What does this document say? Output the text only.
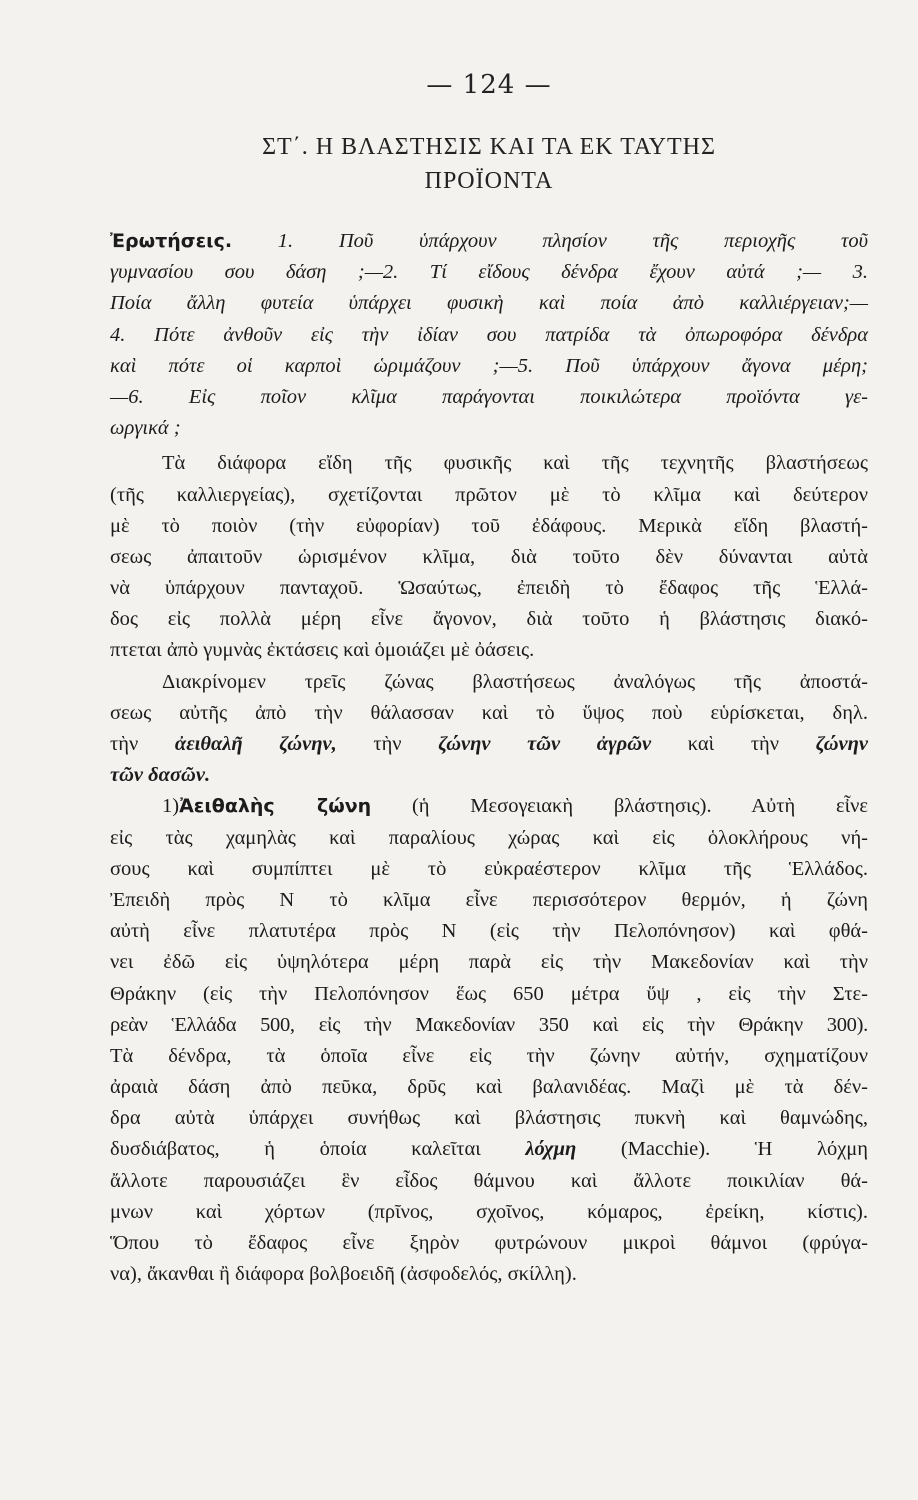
— 124 —
ΣΤ΄. Η ΒΛΑΣΤΗΣΙΣ ΚΑΙ ΤΑ ΕΚ ΤΑΥΤΗΣ
ΠΡΟΪΟΝΤΑ
Ἐρωτήσεις. 1. Ποῦ ὑπάρχουν πλησίον τῆς περιοχῆς τοῦ
γυμνασίου σου δάση ;—2. Τί εἴδους δένδρα ἔχουν αὐτά ;— 3.
Ποία ἄλλη φυτεία ὑπάρχει φυσικὴ καὶ ποία ἀπὸ καλλιέργειαν;—
4. Πότε ἀνθοῦν εἰς τὴν ἰδίαν σου πατρίδα τὰ ὀπωροφόρα δένδρα
καὶ πότε οἱ καρποὶ ὡριμάζουν ;—5. Ποῦ ὑπάρχουν ἄγονα μέρη;
—6. Εἰς ποῖον κλῖμα παράγονται ποικιλώτερα προϊόντα γε-
ωργικά ;
Τὰ διάφορα εἴδη τῆς φυσικῆς καὶ τῆς τεχνητῆς βλαστήσεως
(τῆς καλλιεργείας), σχετίζονται πρῶτον μὲ τὸ κλῖμα καὶ δεύτερον
μὲ τὸ ποιὸν (τὴν εὐφορίαν) τοῦ ἐδάφους. Μερικὰ εἴδη βλαστή-
σεως ἀπαιτοῦν ὡρισμένον κλῖμα, διὰ τοῦτο δὲν δύνανται αὐτὰ
νὰ ὑπάρχουν πανταχοῦ. Ὡσαύτως, ἐπειδὴ τὸ ἔδαφος τῆς Ἑλλά-
δος εἰς πολλὰ μέρη εἶνε ἄγονον, διὰ τοῦτο ἡ βλάστησις διακό-
πτεται ἀπὸ γυμνὰς ἐκτάσεις καὶ ὁμοιάζει μὲ ὀάσεις.
Διακρίνομεν τρεῖς ζώνας βλαστήσεως ἀναλόγως τῆς ἀποστά-
σεως αὐτῆς ἀπὸ τὴν θάλασσαν καὶ τὸ ὕψος ποὺ εὑρίσκεται, δηλ.
τὴν ἀειθαλῆ ζώνην, τὴν ζώνην τῶν ἀγρῶν καὶ τὴν ζώνην
τῶν δασῶν.
1)Ἀειθαλὴς ζώνη (ἡ Μεσογειακὴ βλάστησις). Αὐτὴ εἶνε
εἰς τὰς χαμηλὰς καὶ παραλίους χώρας καὶ εἰς ὁλοκλήρους νή-
σους καὶ συμπίπτει μὲ τὸ εὐκραέστερον κλῖμα τῆς Ἑλλάδος.
Ἐπειδὴ πρὸς Ν τὸ κλῖμα εἶνε περισσότερον θερμόν, ἡ ζώνη
αὐτὴ εἶνε πλατυτέρα πρὸς Ν (εἰς τὴν Πελοπόνησον) καὶ φθά-
νει ἐδῶ εἰς ὑψηλότερα μέρη παρὰ εἰς τὴν Μακεδονίαν καὶ τὴν
Θράκην (εἰς τὴν Πελοπόνησον ἕως 650 μέτρα ὕψ , εἰς τὴν Στε-
ρεὰν Ἑλλάδα 500, εἰς τὴν Μακεδονίαν 350 καὶ εἰς τὴν Θράκην 300).
Τὰ δένδρα, τὰ ὁποῖα εἶνε εἰς τὴν ζώνην αὐτήν, σχηματίζουν
ἀραιὰ δάση ἀπὸ πεῦκα, δρῦς καὶ βαλανιδέας. Μαζὶ μὲ τὰ δέν-
δρα αὐτὰ ὑπάρχει συνήθως καὶ βλάστησις πυκνὴ καὶ θαμνώδης,
δυσδιάβατος, ἡ ὁποία καλεῖται λόχμη (Macchie). Ἡ λόχμη
ἄλλοτε παρουσιάζει ἓν εἶδος θάμνου καὶ ἄλλοτε ποικιλίαν θά-
μνων καὶ χόρτων (πρῖνος, σχοῖνος, κόμαρος, ἐρείκη, κίστις).
Ὅπου τὸ ἔδαφος εἶνε ξηρὸν φυτρώνουν μικροὶ θάμνοι (φρύγα-
να), ἄκανθαι ἢ διάφορα βολβοειδῆ (ἀσφοδελός, σκίλλη).
